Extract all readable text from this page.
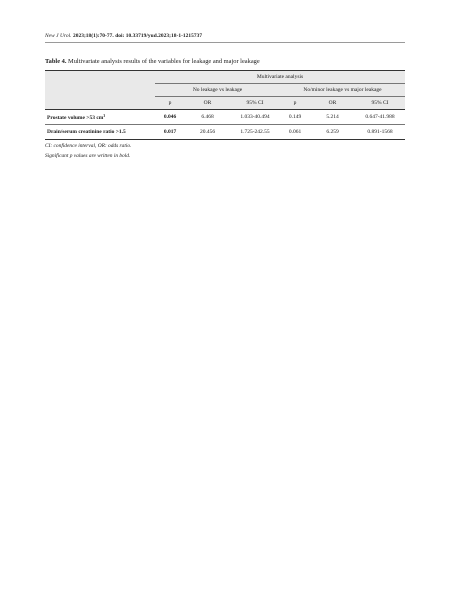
New J Urol. 2023;18(1):70-77. doi: 10.33719/yud.2023;18-1-1215737
Table 4. Multivariate analysis results of the variables for leakage and major leakage
	Multivariate analysis					
	No leakage vs leakage			No/minor leakage vs major leakage		
	p	OR	95% CI	p	OR	95% CI
Prostate volume >53 $cm^3$	0.046	6.468	1.033-40.494	0.149	5.214	0.647-41.988
Drain/serum creatinine ratio >1.5	0.017	20.456	1.725-242.55	0.061	6.259	0.891-1568
CI: confidence interval, OR: odds ratio.
Significant p values are written in bold.
